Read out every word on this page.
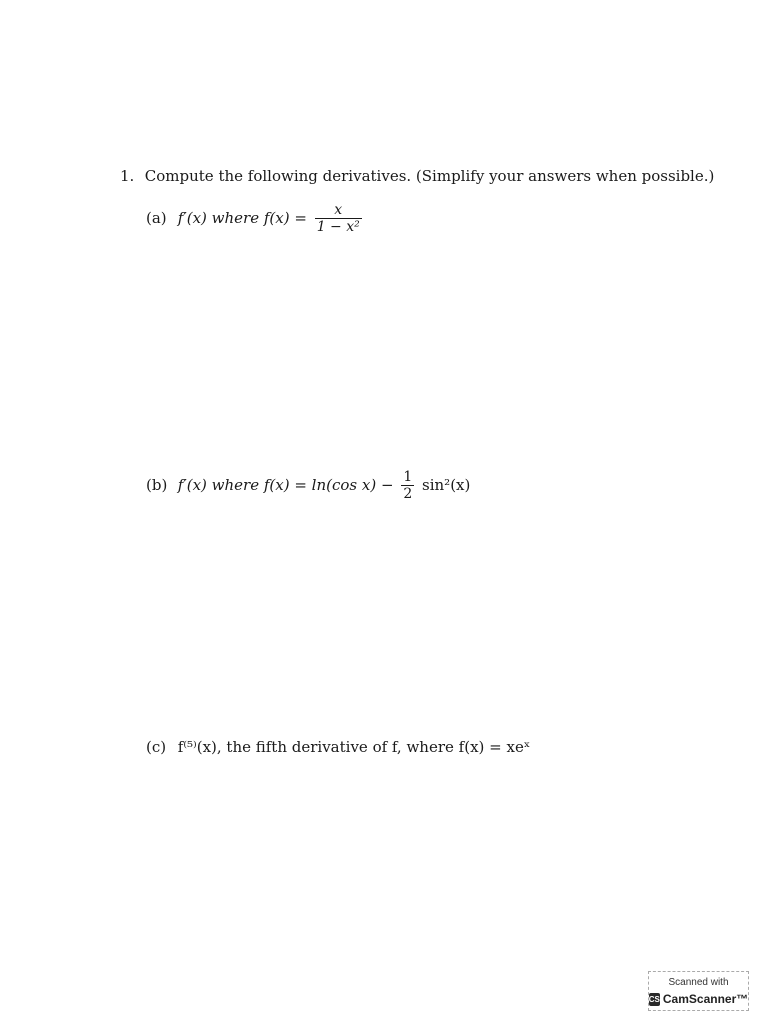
1. Compute the following derivatives. (Simplify your answers when possible.)
(a) f′(x) where $f(x) = \frac{x}{\text{1 − x²}}$
(b) f′(x) where f(x) = ln(cos $x) - \frac{1}{2} \sin^2(x)$
(c) f⁽⁵⁾(x), the fifth derivative of f, where f(x) = xeˣ
Scanned with
CS CamScanner™
